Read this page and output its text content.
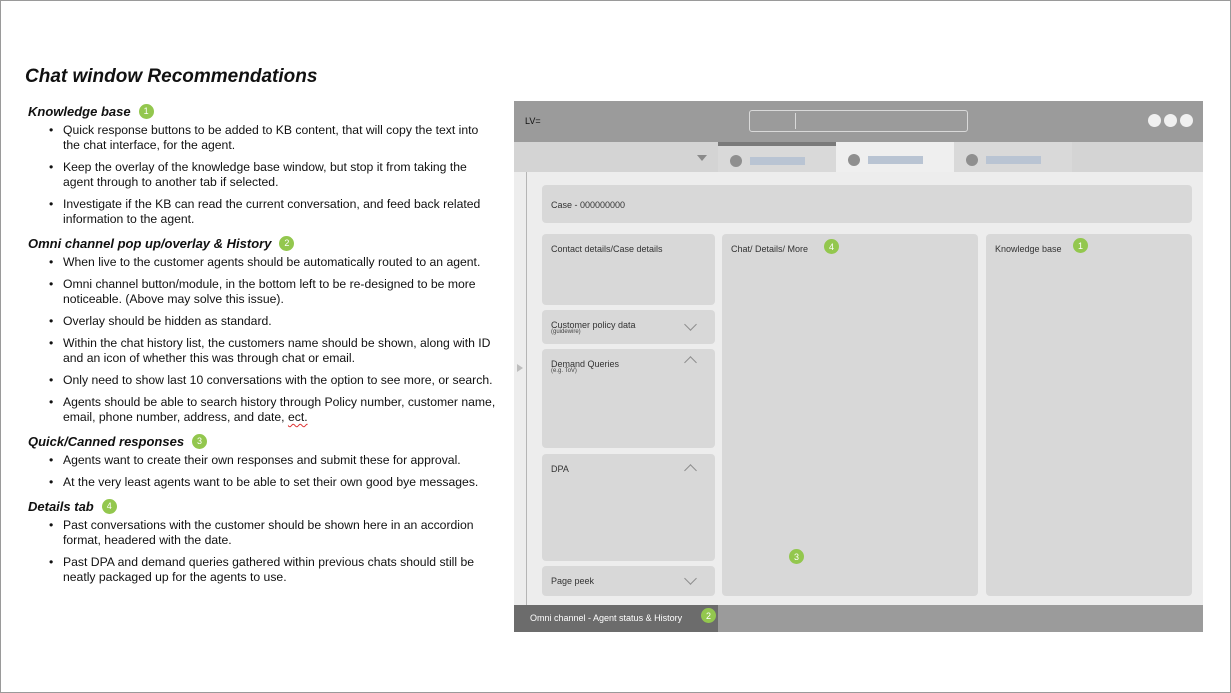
Chat window Recommendations
Knowledge base	1
• Quick response buttons to be added to KB content, that will copy the text into the chat interface, for the agent.
• Keep the overlay of the knowledge base window, but stop it from taking the agent through to another tab if selected.
• Investigate if the KB can read the current conversation, and feed back related information to the agent.
Omni channel pop up/overlay & History	2
• When live to the customer agents should be automatically routed to an agent.
• Omni channel button/module, in the bottom left to be re-designed to be more noticeable. (Above may solve this issue).
• Overlay should be hidden as standard.
• Within the chat history list, the customers name should be shown, along with ID and an icon of whether this was through chat or email.
• Only need to show last 10 conversations with the option to see more, or search.
• Agents should be able to search history through Policy number, customer name, email, phone number, address, and date, ect.
Quick/Canned responses	3
• Agents want to create their own responses and submit these for approval.
• At the very least agents want to be able to set their own good bye messages.
Details tab	4
• Past conversations with the customer should be shown here in an accordion format, headered with the date.
• Past DPA and demand queries gathered within previous chats should still be neatly packaged up for the agents to use.
LV=
Case - 000000000
Contact details/Case details
Customer policy data
(guidewire)
Demand Queries
(e.g. ToV)
DPA
Page peek
Chat/ Details/ More	4
3
Knowledge base	1
Omni channel - Agent status & History	2
